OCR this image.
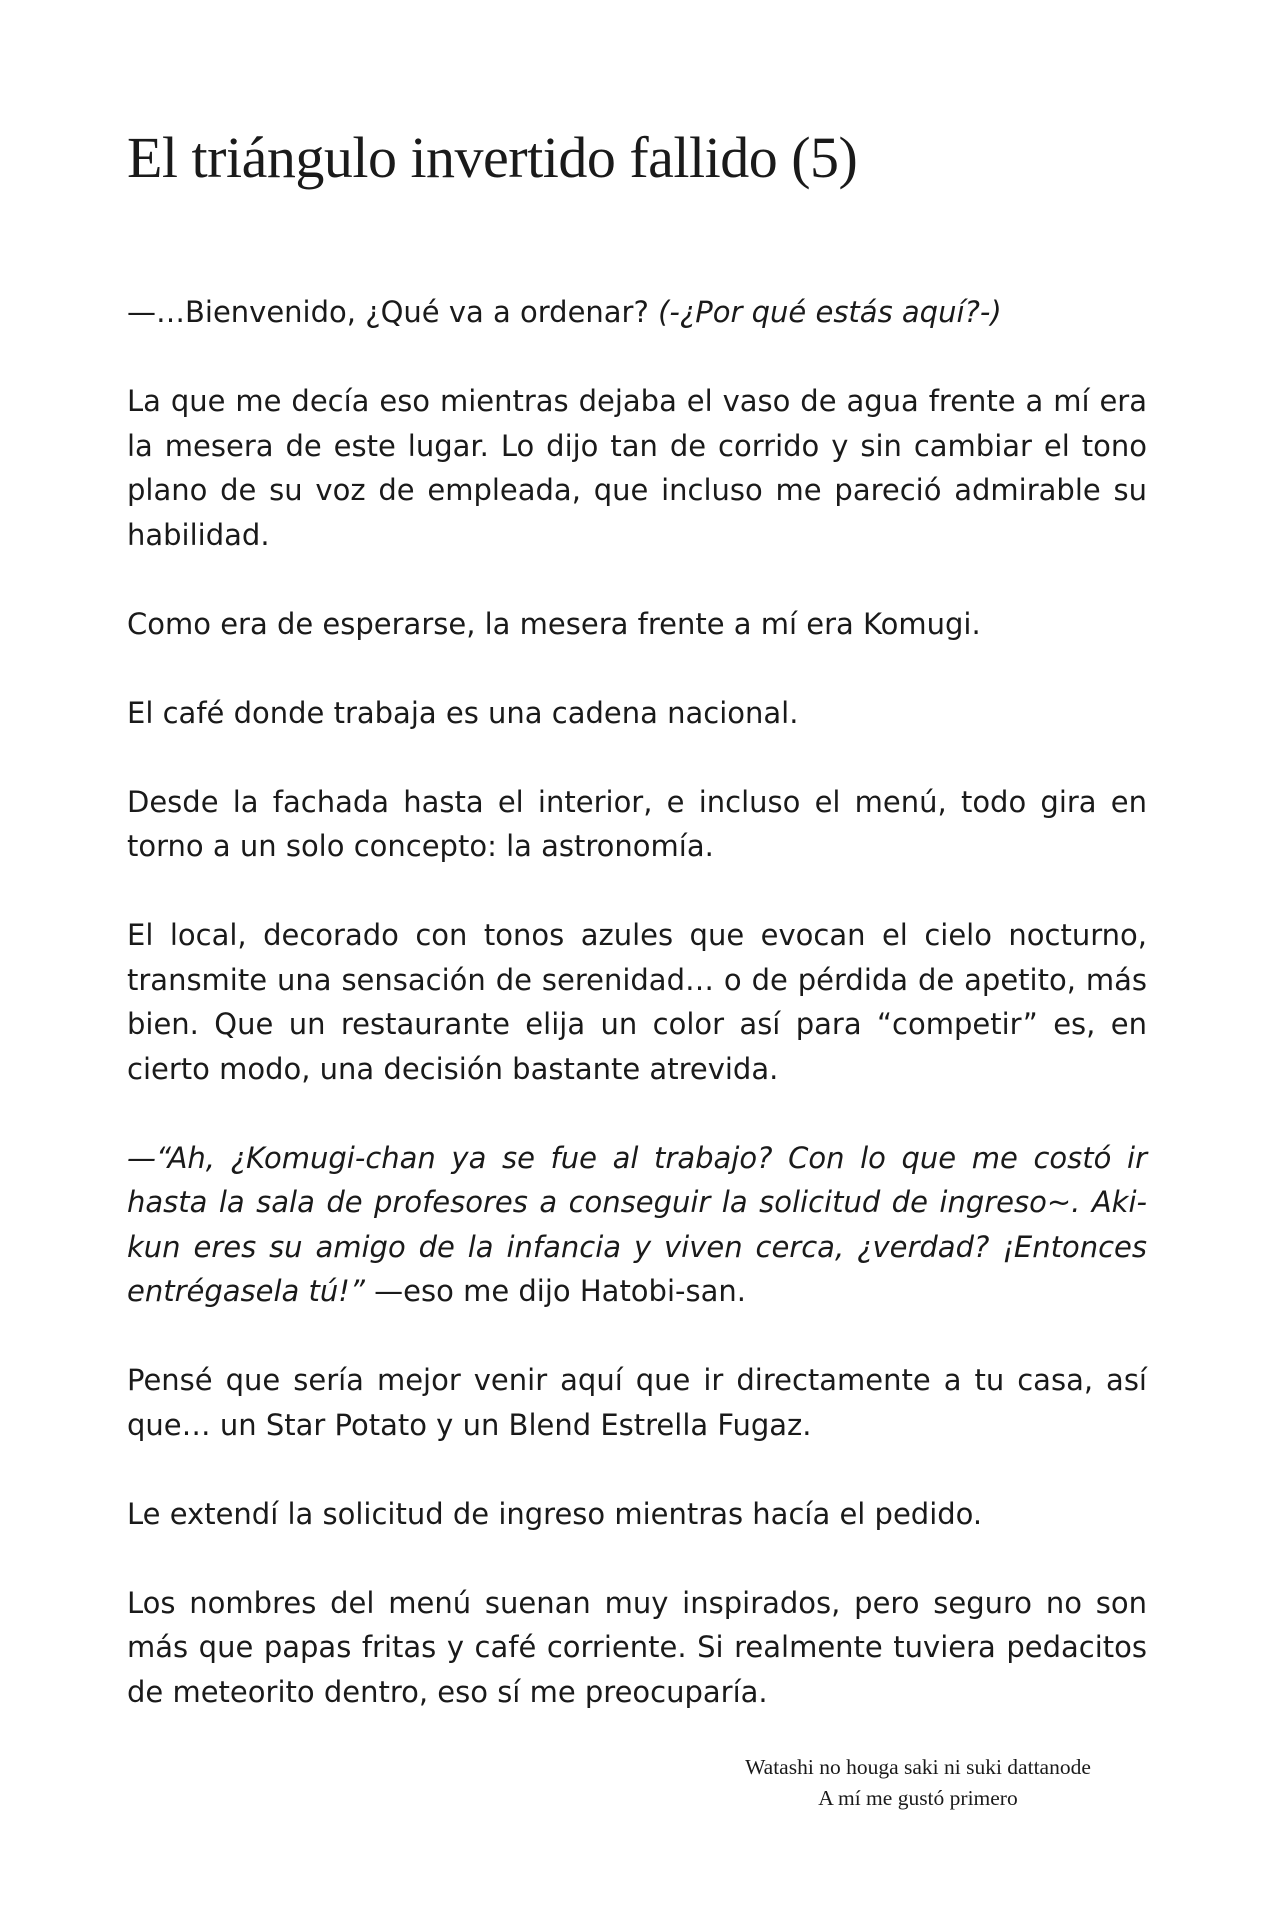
El triángulo invertido fallido (5)

—…Bienvenido, ¿Qué va a ordenar? (-¿Por qué estás aquí?-)

La que me decía eso mientras dejaba el vaso de agua frente a mí era la mesera de este lugar. Lo dijo tan de corrido y sin cambiar el tono plano de su voz de empleada, que incluso me pareció admirable su habilidad.

Como era de esperarse, la mesera frente a mí era Komugi.

El café donde trabaja es una cadena nacional.

Desde la fachada hasta el interior, e incluso el menú, todo gira en torno a un solo concepto: la astronomía.

El local, decorado con tonos azules que evocan el cielo nocturno, transmite una sensación de serenidad… o de pérdida de apetito, más bien. Que un restaurante elija un color así para “competir” es, en cierto modo, una decisión bastante atrevida.

—“Ah, ¿Komugi-chan ya se fue al trabajo? Con lo que me costó ir hasta la sala de profesores a conseguir la solicitud de ingreso~. Aki-kun eres su amigo de la infancia y viven cerca, ¿verdad? ¡Entonces entrégasela tú!” —eso me dijo Hatobi-san.

Pensé que sería mejor venir aquí que ir directamente a tu casa, así que… un Star Potato y un Blend Estrella Fugaz.

Le extendí la solicitud de ingreso mientras hacía el pedido.

Los nombres del menú suenan muy inspirados, pero seguro no son más que papas fritas y café corriente. Si realmente tuviera pedacitos de meteorito dentro, eso sí me preocuparía.

Watashi no houga saki ni suki dattanode
A mí me gustó primero
